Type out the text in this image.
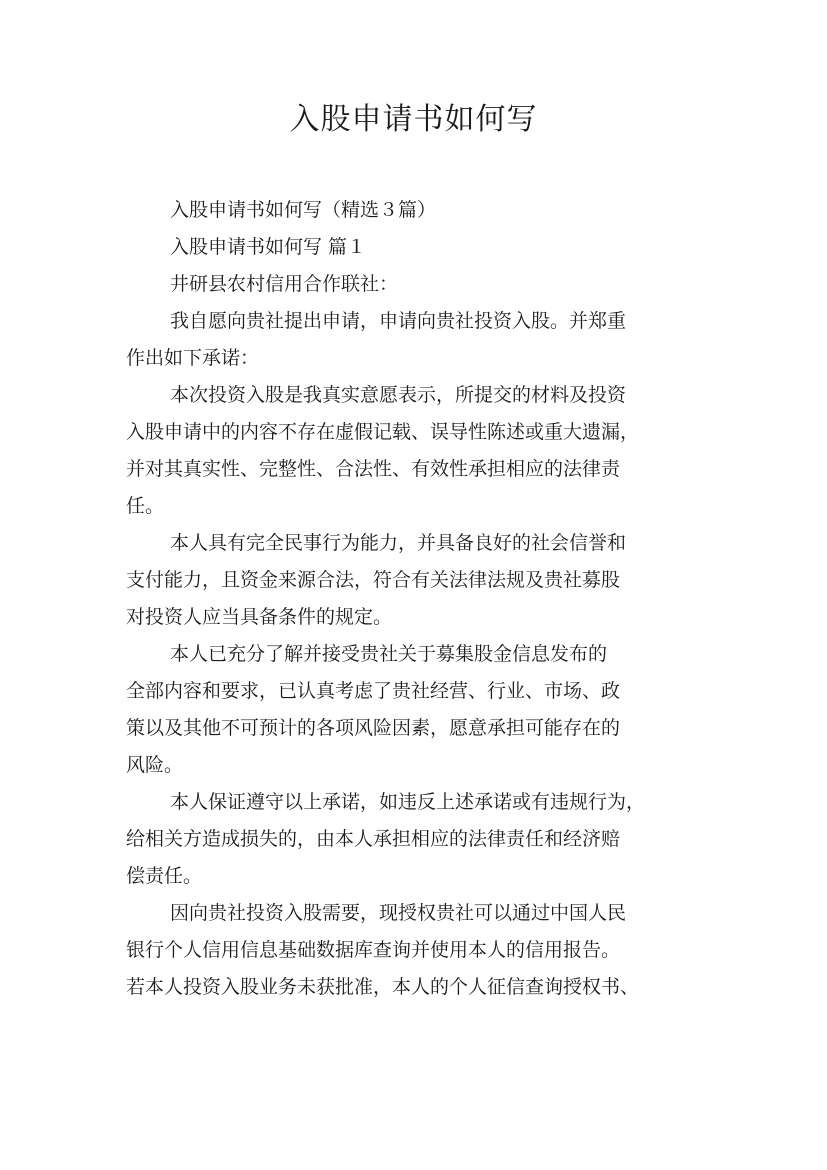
入股申请书如何写
入股申请书如何写（精选３篇）
入股申请书如何写 篇１
井研县农村信用合作联社：
我自愿向贵社提出申请，申请向贵社投资入股。并郑重
作出如下承诺：
本次投资入股是我真实意愿表示，所提交的材料及投资
入股申请中的内容不存在虚假记载、误导性陈述或重大遗漏，
并对其真实性、完整性、合法性、有效性承担相应的法律责
任。
本人具有完全民事行为能力，并具备良好的社会信誉和
支付能力，且资金来源合法，符合有关法律法规及贵社募股
对投资人应当具备条件的规定。
本人已充分了解并接受贵社关于募集股金信息发布的
全部内容和要求，已认真考虑了贵社经营、行业、市场、政
策以及其他不可预计的各项风险因素，愿意承担可能存在的
风险。
本人保证遵守以上承诺，如违反上述承诺或有违规行为，
给相关方造成损失的，由本人承担相应的法律责任和经济赔
偿责任。
因向贵社投资入股需要，现授权贵社可以通过中国人民
银行个人信用信息基础数据库查询并使用本人的信用报告。
若本人投资入股业务未获批准，本人的个人征信查询授权书、
